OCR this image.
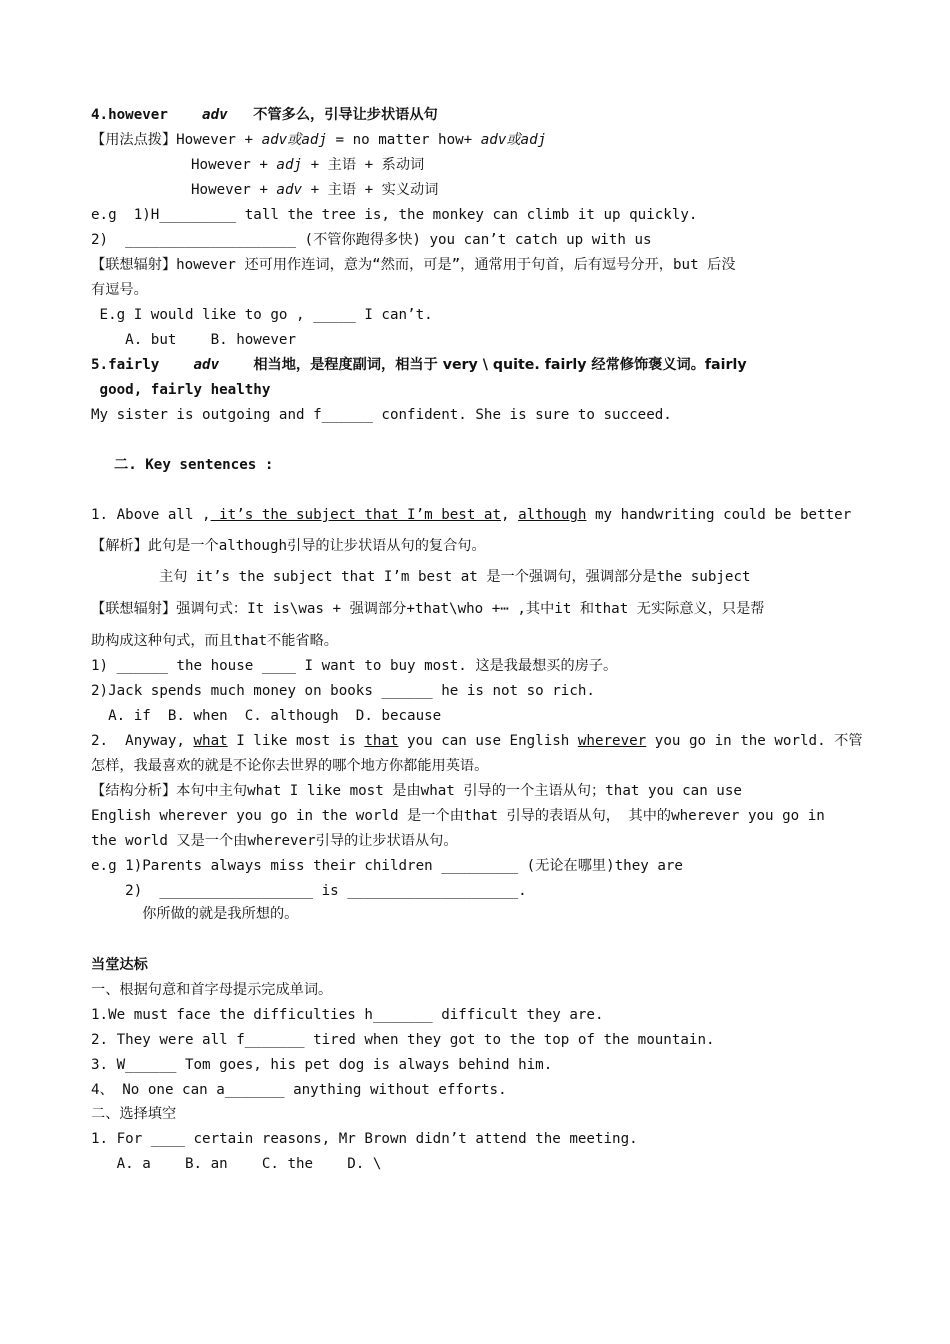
4.however adv 不管多么，引导让步状语从句
【用法点拨】However + adv或adj = no matter how+ adv或adj
However + adj + 主语 + 系动词
However + adv + 主语 + 实义动词
e.g  1)H_________ tall the tree is, the monkey can climb it up quickly.
2)  ____________________ (不管你跑得多快) you can’t catch up with us
【联想辐射】however 还可用作连词，意为“然而，可是”，通常用于句首，后有逗号分开，but 后没
有逗号。
E.g I would like to go , _____ I can’t.
A. but    B. however
5.fairly adv 相当地，是程度副词，相当于 very \ quite. fairly 经常修饰褒义词。fairly
good, fairly healthy
My sister is outgoing and f______ confident. She is sure to succeed.
二. Key sentences :
1. Above all , it’s the subject that I’m best at, although my handwriting could be better
【解析】此句是一个although引导的让步状语从句的复合句。
主句 it’s the subject that I’m best at 是一个强调句，强调部分是the subject
【联想辐射】强调句式：It is\was + 强调部分+that\who +⋯ ,其中it 和that 无实际意义，只是帮
助构成这种句式，而且that不能省略。
1) ______ the house ____ I want to buy most. 这是我最想买的房子。
2)Jack spends much money on books ______ he is not so rich.
A. if  B. when  C. although  D. because
2.  Anyway, what I like most is that you can use English wherever you go in the world. 不管
怎样，我最喜欢的就是不论你去世界的哪个地方你都能用英语。
【结构分析】本句中主句what I like most 是由what 引导的一个主语从句；that you can use
English wherever you go in the world 是一个由that 引导的表语从句， 其中的wherever you go in
the world 又是一个由wherever引导的让步状语从句。
e.g 1)Parents always miss their children _________ (无论在哪里)they are
2)  __________________ is ____________________.
你所做的就是我所想的。
当堂达标
一、根据句意和首字母提示完成单词。
1.We must face the difficulties h_______ difficult they are.
2. They were all f_______ tired when they got to the top of the mountain.
3. W______ Tom goes, his pet dog is always behind him.
4、 No one can a_______ anything without efforts.
二、选择填空
1. For ____ certain reasons, Mr Brown didn’t attend the meeting.
A. a    B. an    C. the    D. \
